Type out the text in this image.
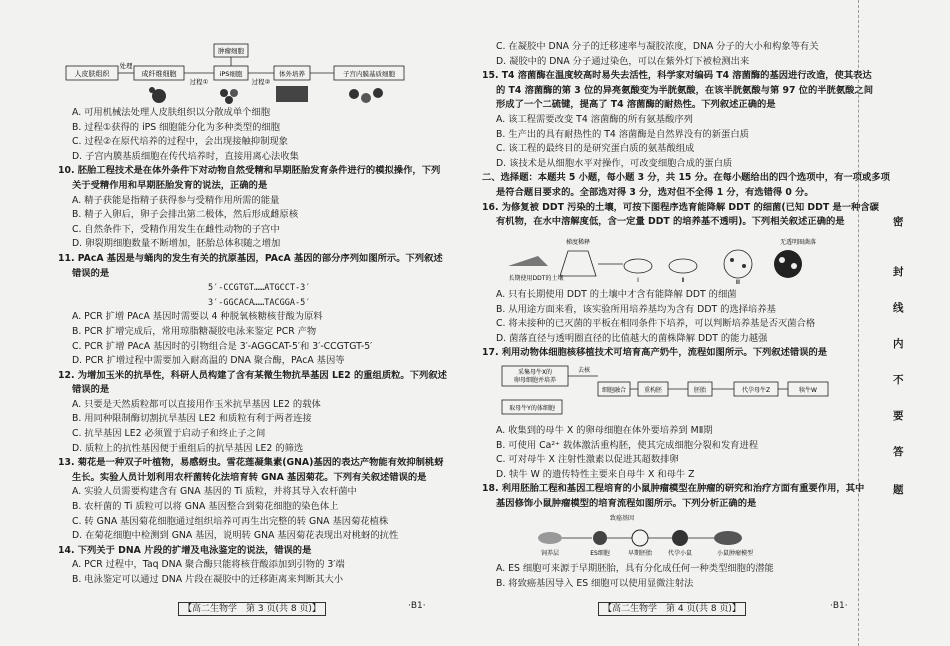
人皮肤组织
处理
成纤维细胞
过程①
肿瘤细胞
iPS细胞
过程②
体外培养	子宫内膜基质细胞

A. 可用机械法处理人皮肤组织以分散成单个细胞

B. 过程①获得的 iPS 细胞能分化为多种类型的细胞

C. 过程②在原代培养的过程中，会出现接触抑制现象

D. 子宫内膜基质细胞在传代培养时，直接用离心法收集

10. 胚胎工程技术是在体外条件下对动物自然受精和早期胚胎发育条件进行的模拟操作，下列

关于受精作用和早期胚胎发育的说法，正确的是

A. 精子获能是指精子获得参与受精作用所需的能量

B. 精子入卵后，卵子会排出第二极体，然后形成雌原核

C. 自然条件下，受精作用发生在雌性动物的子宫中

D. 卵裂期细胞数量不断增加，胚胎总体积随之增加

11. PAcA 基因是与蛹肉的发生有关的抗原基因，PAcA 基因的部分序列如图所示。下列叙述

错误的是

5′-CCGTGT……ATGCCT-3′

3′-GGCACA……TACGGA-5′

A. PCR 扩增 PAcA 基因时需要以 4 种脱氧核糖核苷酸为原料

B. PCR 扩增完成后，常用琼脂糖凝胶电泳来鉴定 PCR 产物

C. PCR 扩增 PAcA 基因时的引物组合是 3′-AGGCAT-5′和 3′-CCGTGT-5′

D. PCR 扩增过程中需要加入耐高温的 DNA 聚合酶，PAcA 基因等

12. 为增加玉米的抗旱性，科研人员构建了含有某微生物抗旱基因 LE2 的重组质粒。下列叙述

错误的是

A. 只要是天然质粒都可以直接用作玉米抗旱基因 LE2 的载体

B. 用同种限制酶切割抗旱基因 LE2 和质粒有利于两者连接

C. 抗旱基因 LE2 必须置于启动子和终止子之间

D. 质粒上的抗性基因便于重组后的抗旱基因 LE2 的筛选

13. 菊花是一种双子叶植物，易感蚜虫。雪花莲凝集素(GNA)基因的表达产物能有效抑制桃蚜

生长。实验人员计划利用农杆菌转化法培育转 GNA 基因菊花。下列有关叙述错误的是

A. 实验人员需要构建含有 GNA 基因的 Ti 质粒，并将其导入农杆菌中

B. 农杆菌的 Ti 质粒可以将 GNA 基因整合到菊花细胞的染色体上

C. 转 GNA 基因菊花细胞通过组织培养可再生出完整的转 GNA 基因菊花植株

D. 在菊花细胞中检测到 GNA 基因，说明转 GNA 基因菊花表现出对桃蚜的抗性

14. 下列关于 DNA 片段的扩增及电泳鉴定的说法，错误的是

A. PCR 过程中，Taq DNA 聚合酶只能将核苷酸添加到引物的 3′端

B. 电泳鉴定可以通过 DNA 片段在凝胶中的迁移距离来判断其大小

【高二生物学　第 3 页(共 8 页)】	·B1·

C. 在凝胶中 DNA 分子的迁移速率与凝胶浓度，DNA 分子的大小和构象等有关

D. 凝胶中的 DNA 分子通过染色，可以在紫外灯下被检测出来

15. T4 溶菌酶在温度较高时易失去活性，科学家对编码 T4 溶菌酶的基因进行改造，使其表达

的 T4 溶菌酶的第 3 位的异亮氨酸变为半胱氨酸，在该半胱氨酸与第 97 位的半胱氨酸之间

形成了一个二硫键，提高了 T4 溶菌酶的耐热性。下列叙述正确的是

A. 该工程需要改变 T4 溶菌酶的所有氨基酸序列

B. 生产出的具有耐热性的 T4 溶菌酶是自然界没有的新蛋白质

C. 该工程的最终目的是研究蛋白质的氨基酸组成

D. 该技术是从细胞水平对操作，可改变细胞合成的蛋白质

二、选择题：本题共 5 小题，每小题 3 分，共 15 分。在每小题给出的四个选项中，有一项或多项

是符合题目要求的。全部选对得 3 分，选对但不全得 1 分，有选错得 0 分。

16. 为修复被 DDT 污染的土壤，可按下图程序选育能降解 DDT 的细菌(已知 DDT 是一种含碳

有机物，在水中溶解度低，含一定量 DDT 的培养基不透明)。下列相关叙述正确的是

长期使用DDT的土壤
梯度稀释
Ⅰ	Ⅱ	Ⅲ
无透明圈菌落

A. 只有长期使用 DDT 的土壤中才含有能降解 DDT 的细菌

B. 从用途方面来看，该实验所用培养基均为含有 DDT 的选择培养基

C. 将未接种的已灭菌的平板在相同条件下培养，可以判断培养基是否灭菌合格

D. 菌落直径与透明圈直径的比值越大的菌株降解 DDT 的能力越强

17. 利用动物体细胞核移植技术可培育高产奶牛，流程如图所示。下列叙述错误的是

采集母牛X的
卵母细胞并培养
取母牛Y的体细胞
去核
细胞融合	重构胚	胚胎	代孕母牛Z	犊牛W

A. 收集到的母牛 X 的卵母细胞在体外要培养到 MⅡ期

B. 可使用 Ca²⁺ 载体激活重构胚，使其完成细胞分裂和发育进程

C. 可对母牛 X 注射性激素以促进其超数排卵

D. 犊牛 W 的遗传特性主要来自母牛 X 和母牛 Z

18. 利用胚胎工程和基因工程培育的小鼠肿瘤模型在肿瘤的研究和治疗方面有重要作用，其中

基因修饰小鼠肿瘤模型的培育流程如图所示。下列分析正确的是

致癌基因
饲养层	ES细胞	早期胚胎	代孕小鼠	小鼠肿瘤模型

A. ES 细胞可来源于早期胚胎，具有分化成任何一种类型细胞的潜能

B. 将致癌基因导入 ES 细胞可以使用显微注射法

【高二生物学　第 4 页(共 8 页)】	·B1·
密
封
线
内
不
要
答
题
